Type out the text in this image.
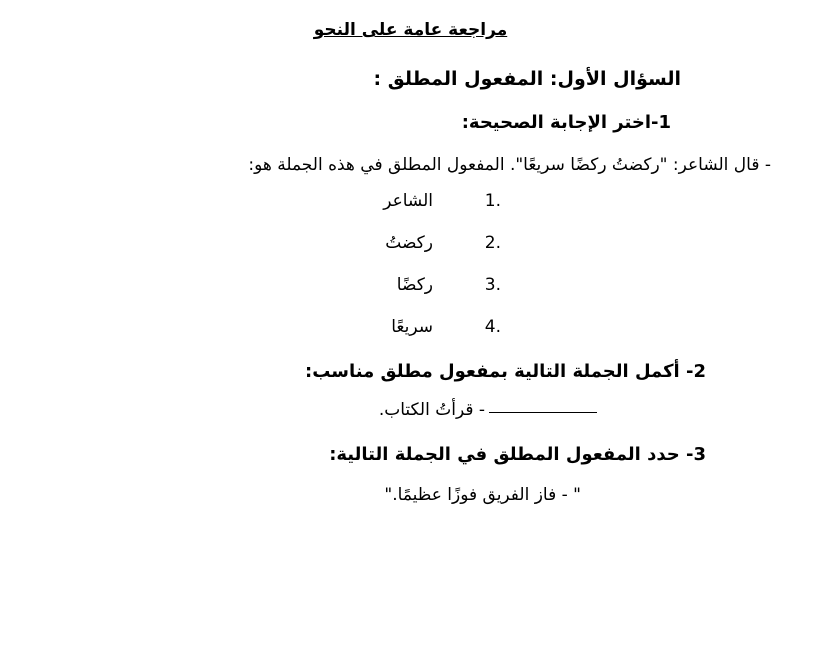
مراجعة عامة على النحو
السؤال الأول: المفعول المطلق :
1-اختر الإجابة الصحيحة:
- قال الشاعر: "ركضتُ ركضًا سريعًا". المفعول المطلق في هذه الجملة هو:
1.
الشاعر
2.
ركضتُ
3.
ركضًا
4.
سريعًا
2- أكمل الجملة التالية بمفعول مطلق مناسب:
- قرأتُ الكتاب.
3- حدد المفعول المطلق في الجملة التالية:
" - فاز الفريق فوزًا عظيمًا."
